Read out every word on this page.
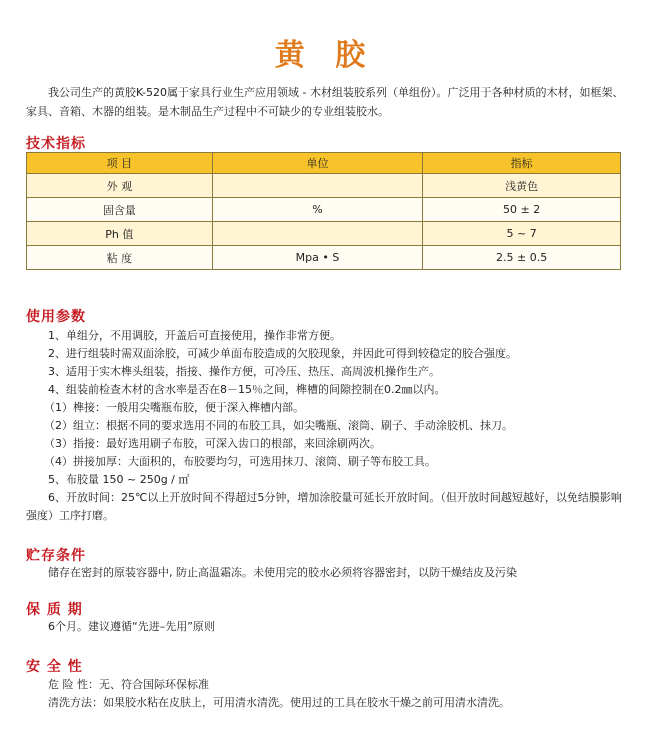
黄 胶
我公司生产的黄胶K-520属于家具行业生产应用领域 - 木材组装胶系列（单组份）。广泛用于各种材质的木材，如框架、家具、音箱、木器的组装。是木制品生产过程中不可缺少的专业组装胶水。
技术指标
项 目	单位	指标
外 观		浅黄色
固含量	%	50 ± 2
Ph 值		5 ~ 7
粘 度	Mpa • S	2.5 ± 0.5
使用参数
1、单组分，不用调胶，开盖后可直接使用，操作非常方便。
2、进行组装时需双面涂胶，可减少单面布胶造成的欠胶现象，并因此可得到较稳定的胶合强度。
3、适用于实木榫头组装，指接、操作方便，可冷压、热压、高周波机操作生产。
4、组装前检查木材的含水率是否在8－15％之间，榫槽的间隙控制在0.2㎜以内。
（1）榫接：一般用尖嘴瓶布胶，便于深入榫槽内部。
（2）组立：根据不同的要求选用不同的布胶工具，如尖嘴瓶、滚筒、刷子、手动涂胶机、抹刀。
（3）指接：最好选用刷子布胶，可深入齿口的根部，来回涂刷两次。
（4）拼接加厚：大面积的，布胶要均匀，可选用抹刀、滚筒、刷子等布胶工具。
5、布胶量 150 ~ 250g / ㎡
6、开放时间：25℃以上开放时间不得超过5分钟，增加涂胶量可延长开放时间。（但开放时间越短越好，以免结膜影响强度）工序打磨。
贮存条件
储存在密封的原装容器中, 防止高温霜冻。未使用完的胶水必须将容器密封，以防干燥结皮及污染
保 质 期
6个月。建议遵循“先进–先用”原则
安 全 性
危 险 性：无、符合国际环保标准
清洗方法：如果胶水粘在皮肤上，可用清水清洗。使用过的工具在胶水干燥之前可用清水清洗。
